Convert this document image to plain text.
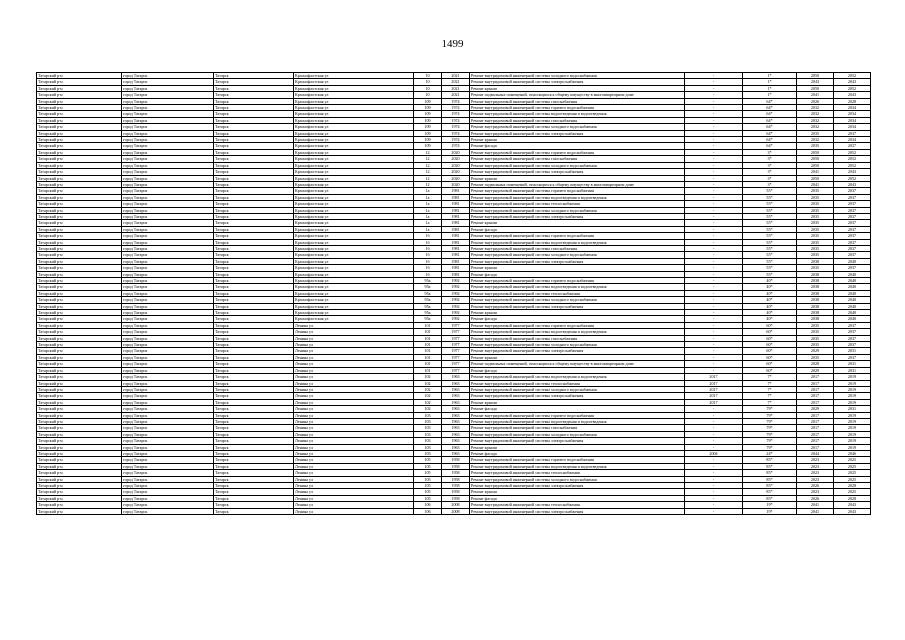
1499
Татарский р-н	город Татарск	Татарск	Краснофлотская ул	10	2021	Ремонт внутридомовой инженерной системы холодного водоснабжения	-	1*	2050	2052
Татарский р-н	город Татарск	Татарск	Краснофлотская ул	10	2021	Ремонт внутридомовой инженерной системы электроснабжения	-	1*	2043	2043
Татарский р-н	город Татарск	Татарск	Краснофлотская ул	10	2021	Ремонт крыши	-	1*	2050	2052
Татарский р-н	город Татарск	Татарск	Краснофлотская ул	10	2021	Ремонт подвальных помещений, относящихся к общему имуществу в многоквартирном доме	-	1*	2041	2043
Татарский р-н	город Татарск	Татарск	Краснофлотская ул	109	1974	Ремонт внутридомовой инженерной системы газоснабжения	-	64*	2026	2028
Татарский р-н	город Татарск	Татарск	Краснофлотская ул	109	1974	Ремонт внутридомовой инженерной системы горячего водоснабжения	-	64*	2032	2034
Татарский р-н	город Татарск	Татарск	Краснофлотская ул	109	1974	Ремонт внутридомовой инженерной системы водоотведения и водоотведения	-	64*	2032	2034
Татарский р-н	город Татарск	Татарск	Краснофлотская ул	109	1974	Ремонт внутридомовой инженерной системы газоснабжения	-	64*	2032	2034
Татарский р-н	город Татарск	Татарск	Краснофлотская ул	109	1974	Ремонт внутридомовой инженерной системы холодного водоснабжения	-	64*	2032	2034
Татарский р-н	город Татарск	Татарск	Краснофлотская ул	109	1974	Ремонт внутридомовой инженерной системы электроснабжения	-	64*	2035	2037
Татарский р-н	город Татарск	Татарск	Краснофлотская ул	109	1974	Ремонт крыши	-	64*	2032	2034
Татарский р-н	город Татарск	Татарск	Краснофлотская ул	109	1974	Ремонт фасада	-	64*	2035	2037
Татарский р-н	город Татарск	Татарск	Краснофлотская ул	12	2020	Ремонт внутридомовой инженерной системы горячего водоснабжения	-	3*	2050	2052
Татарский р-н	город Татарск	Татарск	Краснофлотская ул	12	2020	Ремонт внутридомовой инженерной системы газоснабжения	-	3*	2050	2052
Татарский р-н	город Татарск	Татарск	Краснофлотская ул	12	2020	Ремонт внутридомовой инженерной системы холодного водоснабжения	-	3*	2050	2052
Татарский р-н	город Татарск	Татарск	Краснофлотская ул	12	2020	Ремонт внутридомовой инженерной системы электроснабжения	-	3*	2041	2043
Татарский р-н	город Татарск	Татарск	Краснофлотская ул	12	2020	Ремонт крыши	-	3*	2050	2052
Татарский р-н	город Татарск	Татарск	Краснофлотская ул	12	2020	Ремонт подвальных помещений, относящихся к общему имуществу в многоквартирном доме	-	3*	2041	2043
Татарский р-н	город Татарск	Татарск	Краснофлотская ул	1а	1981	Ремонт внутридомовой инженерной системы горячего водоснабжения	-	55*	2035	2037
Татарский р-н	город Татарск	Татарск	Краснофлотская ул	1а	1981	Ремонт внутридомовой инженерной системы водоотведения и водоотведения	-	55*	2035	2037
Татарский р-н	город Татарск	Татарск	Краснофлотская ул	1а	1981	Ремонт внутридомовой инженерной системы теплоснабжения	-	55*	2035	2037
Татарский р-н	город Татарск	Татарск	Краснофлотская ул	1а	1981	Ремонт внутридомовой инженерной системы холодного водоснабжения	-	55*	2035	2037
Татарский р-н	город Татарск	Татарск	Краснофлотская ул	1а	1981	Ремонт внутридомовой инженерной системы электроснабжения	-	55*	2035	2037
Татарский р-н	город Татарск	Татарск	Краснофлотская ул	1а	1981	Ремонт крыши	-	55*	2035	2037
Татарский р-н	город Татарск	Татарск	Краснофлотская ул	1а	1981	Ремонт фасада	-	55*	2035	2037
Татарский р-н	город Татарск	Татарск	Краснофлотская ул	1б	1981	Ремонт внутридомовой инженерной системы горячего водоснабжения	-	55*	2035	2037
Татарский р-н	город Татарск	Татарск	Краснофлотская ул	1б	1981	Ремонт внутридомовой инженерной системы водоотведения и водоотведения	-	55*	2035	2037
Татарский р-н	город Татарск	Татарск	Краснофлотская ул	1б	1981	Ремонт внутридомовой инженерной системы газоснабжения	-	55*	2035	2037
Татарский р-н	город Татарск	Татарск	Краснофлотская ул	1б	1981	Ремонт внутридомовой инженерной системы холодного водоснабжения	-	55*	2035	2037
Татарский р-н	город Татарск	Татарск	Краснофлотская ул	1б	1981	Ремонт внутридомовой инженерной системы электроснабжения	-	55*	2038	2040
Татарский р-н	город Татарск	Татарск	Краснофлотская ул	1б	1981	Ремонт крыши	-	55*	2035	2037
Татарский р-н	город Татарск	Татарск	Краснофлотская ул	1б	1981	Ремонт фасада	-	55*	2038	2040
Татарский р-н	город Татарск	Татарск	Краснофлотская ул	95а	1992	Ремонт внутридомовой инженерной системы горячего водоснабжения	-	40*	2038	2040
Татарский р-н	город Татарск	Татарск	Краснофлотская ул	95а	1992	Ремонт внутридомовой инженерной системы водоотведения и водоотведения	-	40*	2038	2040
Татарский р-н	город Татарск	Татарск	Краснофлотская ул	95а	1992	Ремонт внутридомовой инженерной системы теплоснабжения	-	40*	2038	2040
Татарский р-н	город Татарск	Татарск	Краснофлотская ул	95а	1992	Ремонт внутридомовой инженерной системы холодного водоснабжения	-	40*	2038	2040
Татарский р-н	город Татарск	Татарск	Краснофлотская ул	95а	1992	Ремонт внутридомовой инженерной системы электроснабжения	-	40*	2038	2040
Татарский р-н	город Татарск	Татарск	Краснофлотская ул	95а	1992	Ремонт крыши	-	40*	2038	2040
Татарский р-н	город Татарск	Татарск	Краснофлотская ул	95а	1992	Ремонт фасада	-	40*	2038	2040
Татарский р-н	город Татарск	Татарск	Ленина ул	101	1977	Ремонт внутридомовой инженерной системы горячего водоснабжения	-	60*	2035	2037
Татарский р-н	город Татарск	Татарск	Ленина ул	101	1977	Ремонт внутридомовой инженерной системы водоотведения и водоотведения	-	60*	2035	2037
Татарский р-н	город Татарск	Татарск	Ленина ул	101	1977	Ремонт внутридомовой инженерной системы газоснабжения	-	60*	2035	2037
Татарский р-н	город Татарск	Татарск	Ленина ул	101	1977	Ремонт внутридомовой инженерной системы холодного водоснабжения	-	60*	2035	2037
Татарский р-н	город Татарск	Татарск	Ленина ул	101	1977	Ремонт внутридомовой инженерной системы электроснабжения	-	60*	2029	2031
Татарский р-н	город Татарск	Татарск	Ленина ул	101	1977	Ремонт крыши	-	60*	2035	2037
Татарский р-н	город Татарск	Татарск	Ленина ул	101	1977	Ремонт подвальных помещений, относящихся к общему имуществу в многоквартирном доме	-	60*	2028	2031
Татарский р-н	город Татарск	Татарск	Ленина ул	101	1977	Ремонт фасада	-	60*	2029	2031
Татарский р-н	город Татарск	Татарск	Ленина ул	102	1963	Ремонт внутридомовой инженерной системы водоотведения и водоотведения	2017	7*	2017	2019
Татарский р-н	город Татарск	Татарск	Ленина ул	102	1963	Ремонт внутридомовой инженерной системы теплоснабжения	2017	7*	2017	2019
Татарский р-н	город Татарск	Татарск	Ленина ул	102	1963	Ремонт внутридомовой инженерной системы холодного водоснабжения	2017	7*	2017	2019
Татарский р-н	город Татарск	Татарск	Ленина ул	102	1963	Ремонт внутридомовой инженерной системы электроснабжения	2017	7*	2017	2019
Татарский р-н	город Татарск	Татарск	Ленина ул	102	1963	Ремонт крыши	2017	7*	2017	2019
Татарский р-н	город Татарск	Татарск	Ленина ул	102	1963	Ремонт фасада	-	79*	2029	2031
Татарский р-н	город Татарск	Татарск	Ленина ул	103	1963	Ремонт внутридомовой инженерной системы горячего водоснабжения	-	79*	2017	2019
Татарский р-н	город Татарск	Татарск	Ленина ул	103	1963	Ремонт внутридомовой инженерной системы водоотведения и водоотведения	-	79*	2017	2019
Татарский р-н	город Татарск	Татарск	Ленина ул	103	1963	Ремонт внутридомовой инженерной системы газоснабжения	-	79*	2017	2019
Татарский р-н	город Татарск	Татарск	Ленина ул	103	1963	Ремонт внутридомовой инженерной системы холодного водоснабжения	-	79*	2017	2019
Татарский р-н	город Татарск	Татарск	Ленина ул	103	1963	Ремонт внутридомовой инженерной системы электроснабжения	-	79*	2017	2019
Татарский р-н	город Татарск	Татарск	Ленина ул	103	1963	Ремонт крыши	-	79*	2017	2019
Татарский р-н	город Татарск	Татарск	Ленина ул	103	1963	Ремонт фасада	2004	24*	2044	2046
Татарский р-н	город Татарск	Татарск	Ленина ул	105	1958	Ремонт внутридомовой инженерной системы горячего водоснабжения	-	85*	2023	2025
Татарский р-н	город Татарск	Татарск	Ленина ул	105	1958	Ремонт внутридомовой инженерной системы водоотведения и водоотведения	-	85*	2023	2025
Татарский р-н	город Татарск	Татарск	Ленина ул	105	1958	Ремонт внутридомовой инженерной системы теплоснабжения	-	85*	2023	2025
Татарский р-н	город Татарск	Татарск	Ленина ул	105	1958	Ремонт внутридомовой инженерной системы холодного водоснабжения	-	85*	2023	2025
Татарский р-н	город Татарск	Татарск	Ленина ул	105	1958	Ремонт внутридомовой инженерной системы электроснабжения	-	85*	2026	2028
Татарский р-н	город Татарск	Татарск	Ленина ул	105	1958	Ремонт крыши	-	85*	2023	2025
Татарский р-н	город Татарск	Татарск	Ленина ул	105	1958	Ремонт фасада	-	85*	2026	2028
Татарский р-н	город Татарск	Татарск	Ленина ул	106	2008	Ремонт внутридомовой инженерной системы теплоснабжения	-	19*	2041	2043
Татарский р-н	город Татарск	Татарск	Ленина ул	106	2008	Ремонт внутридомовой инженерной системы электроснабжения	-	19*	2041	2043
